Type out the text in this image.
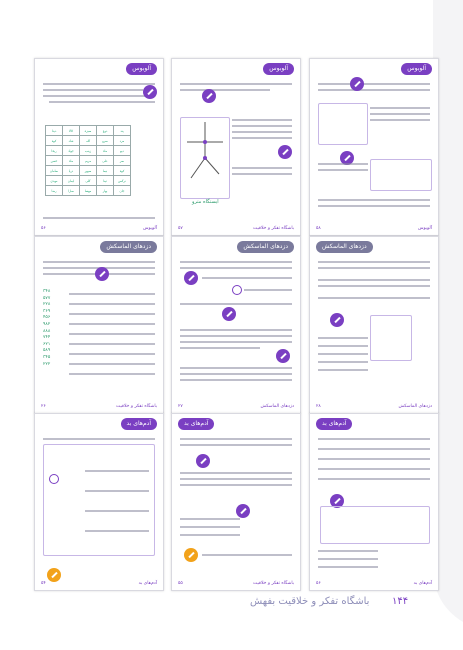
آلوبوس
دیدا	کالا	سبزه	دوغ	پند
کوه	شاد	گله	سرو	مرد
ریحا	جواد	زینب	ماه	دیو
حسن	ماه	مریم	علی	سر
سامان	دریا	سپهر	نیما	کوه
مهدی	ایمان	گلی	تینا	نرگس
رضا	سارا	مهسا	بهار	جان
۵۶	آلوبوس
آلوبوس
ایستگاه مترو
۵۷	باشگاه تفکر و خلاقیت
آلوبوس
۵۸	آلوبوس
دزدهای الماسکش
۳۴۸
۵۷۷
۲۲۸
۳۶۹
۴۵۶
۹۸۲
۸۸۸
۷۴۴
۶۲۱
۵۸۹
۳۴۵
۲۲۲
۲۶	باشگاه تفکر و خلاقیت
دزدهای الماسکش
۲۷	دزدهای الماسکش
دزدهای الماسکش
۲۸	دزدهای الماسکش
آدم‌های بد
۵۴	آدم‌های بد
آدم‌های بد
۵۵	باشگاه تفکر و خلاقیت
آدم‌های بد
۵۶	آدم‌های بد
۱۴۴
باشگاه تفکر و خلاقیت بفهش
